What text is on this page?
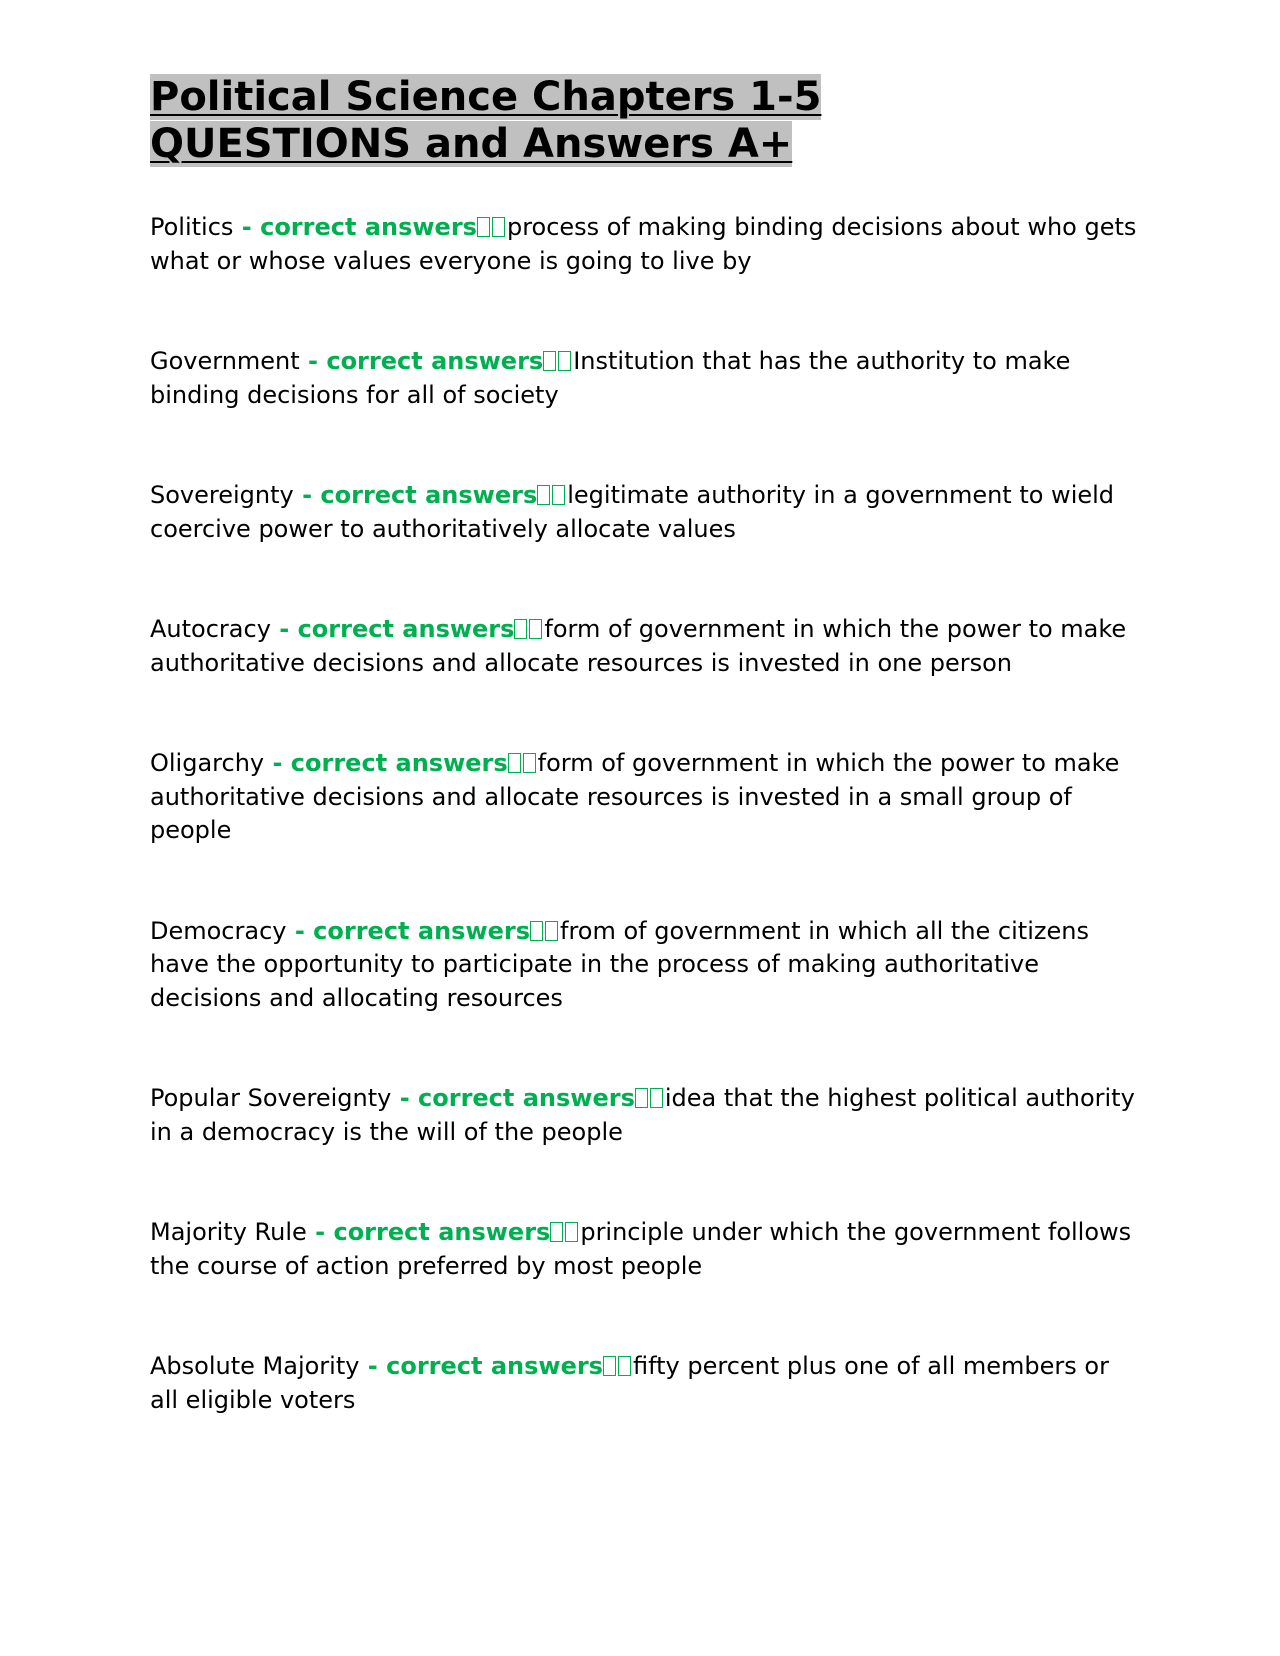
Political Science Chapters 1-5
QUESTIONS and Answers A+

Politics - correct answers process of making binding decisions about who gets what or whose values everyone is going to live by

Government - correct answers Institution that has the authority to make binding decisions for all of society

Sovereignty - correct answers legitimate authority in a government to wield coercive power to authoritatively allocate values

Autocracy - correct answers form of government in which the power to make authoritative decisions and allocate resources is invested in one person

Oligarchy - correct answers form of government in which the power to make authoritative decisions and allocate resources is invested in a small group of people

Democracy - correct answers from of government in which all the citizens have the opportunity to participate in the process of making authoritative decisions and allocating resources

Popular Sovereignty - correct answers idea that the highest political authority in a democracy is the will of the people

Majority Rule - correct answers principle under which the government follows the course of action preferred by most people

Absolute Majority - correct answers fifty percent plus one of all members or all eligible voters
